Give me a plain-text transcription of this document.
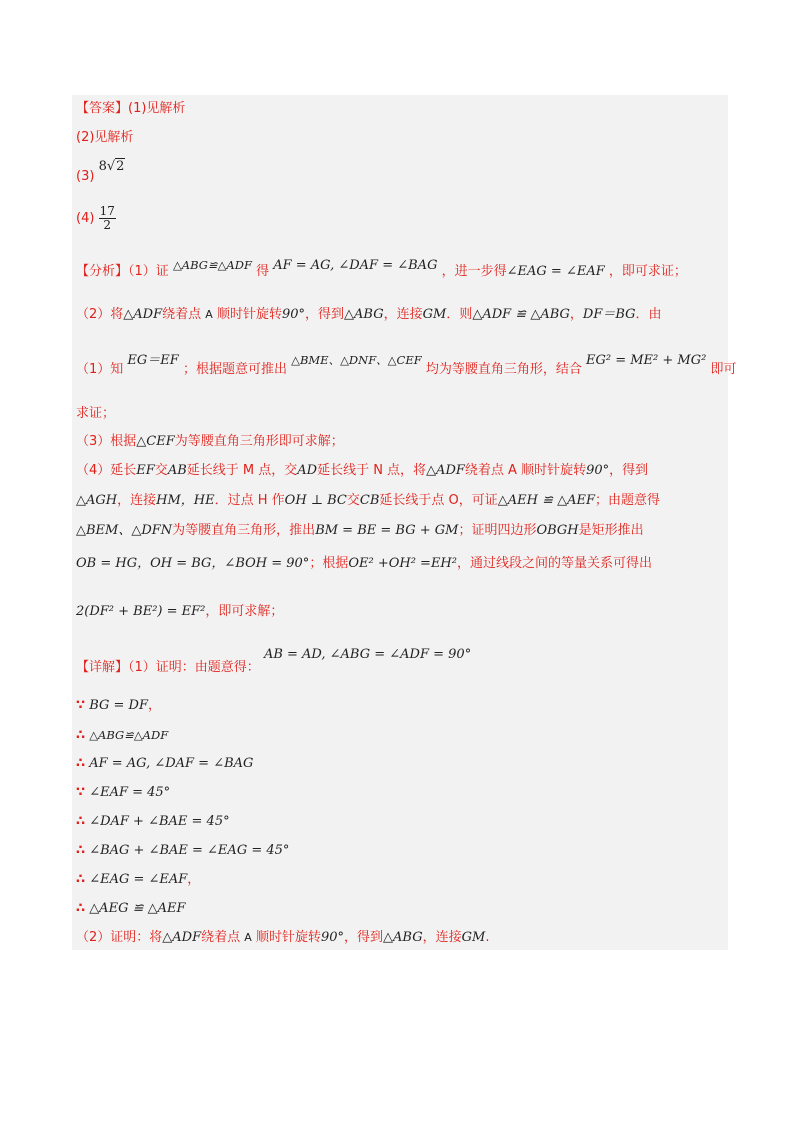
【答案】(1)见解析
(2)见解析
(3) 8√2
$(4) \frac{17}{2}$
【分析】（1）证 △ABG≌△ADF 得 AF = AG, ∠DAF = ∠BAG ，进一步得∠EAG = ∠EAF ，即可求证；
（2）将△ADF绕着点 A 顺时针旋转90°，得到△ABG，连接GM．则△ADF ≌ △ABG，DF＝BG．由
（1）知 EG＝EF ；根据题意可推出 △BME、△DNF、△CEF 均为等腰直角三角形，结合 EG² = ME² + MG² 即可
求证；
（3）根据△CEF为等腰直角三角形即可求解；
（4）延长EF交AB延长线于 M 点，交AD延长线于 N 点，将△ADF绕着点 A 顺时针旋转90°，得到
△AGH，连接HM，HE．过点 H 作OH ⊥ BC交CB延长线于点 O，可证△AEH ≌ △AEF；由题意得
△BEM、△DFN为等腰直角三角形，推出BM = BE = BG + GM；证明四边形OBGH是矩形推出
OB = HG，OH = BG，∠BOH = 90°；根据OE² +OH² =EH²，通过线段之间的等量关系可得出
2(DF² + BE²) = EF²，即可求解；
【详解】（1）证明：由题意得： AB = AD, ∠ABG = ∠ADF = 90°
∵ BG = DF，
∴ △ABG≌△ADF
∴ AF = AG, ∠DAF = ∠BAG
∵ ∠EAF = 45°
∴ ∠DAF + ∠BAE = 45°
∴ ∠BAG + ∠BAE = ∠EAG = 45°
∴ ∠EAG = ∠EAF，
∴ △AEG ≌ △AEF
（2）证明：将△ADF绕着点 A 顺时针旋转90°，得到△ABG，连接GM.
